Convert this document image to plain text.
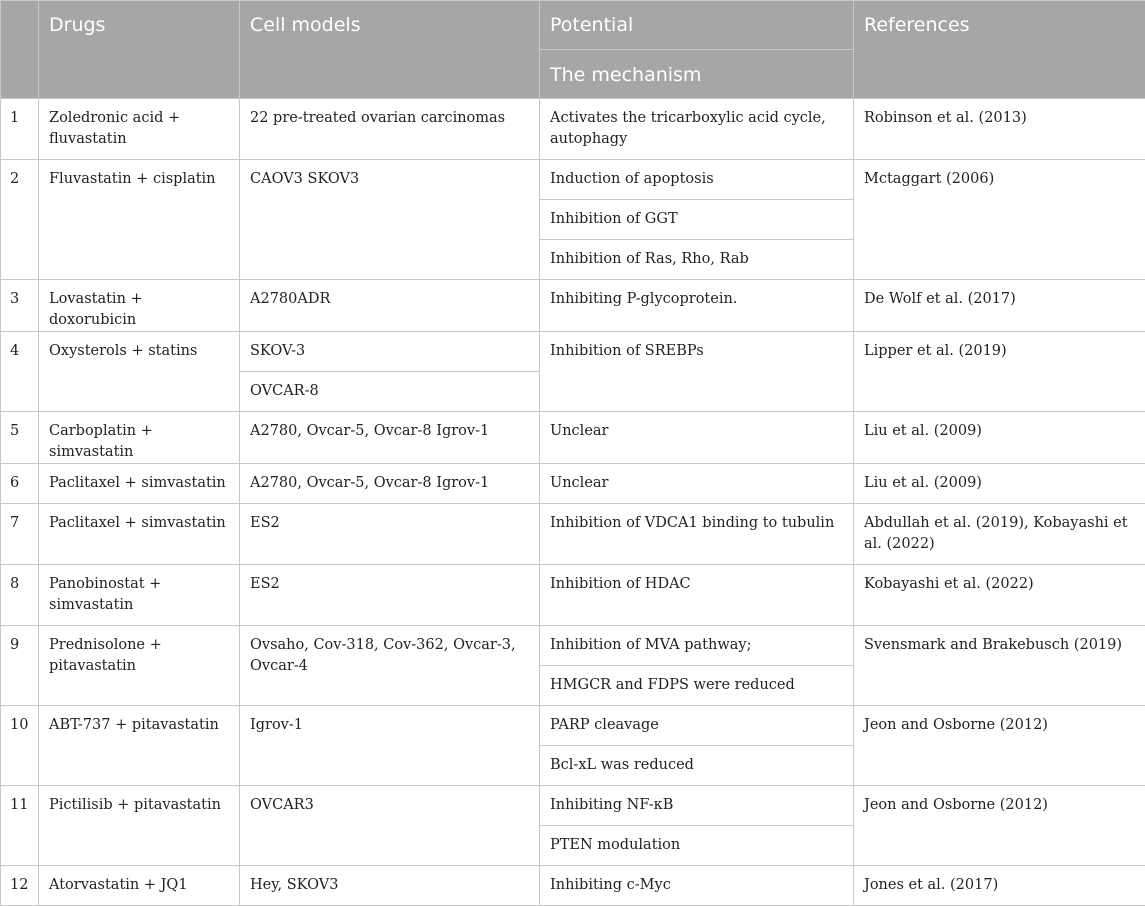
	Drugs	Cell models	Potential	References
			The mechanism	
1	Zoledronic acid + fluvastatin	22 pre-treated ovarian carcinomas	Activates the tricarboxylic acid cycle, autophagy	Robinson et al. (2013)
2	Fluvastatin + cisplatin	CAOV3 SKOV3	Induction of apoptosis	Mctaggart (2006)
			Inhibition of GGT	
			Inhibition of Ras, Rho, Rab	
3	Lovastatin + doxorubicin	A2780ADR	Inhibiting P-glycoprotein.	De Wolf et al. (2017)
4	Oxysterols + statins	SKOV-3	Inhibition of SREBPs	Lipper et al. (2019)
		OVCAR-8		
5	Carboplatin + simvastatin	A2780, Ovcar-5, Ovcar-8 Igrov-1	Unclear	Liu et al. (2009)
6	Paclitaxel + simvastatin	A2780, Ovcar-5, Ovcar-8 Igrov-1	Unclear	Liu et al. (2009)
7	Paclitaxel + simvastatin	ES2	Inhibition of VDCA1 binding to tubulin	Abdullah et al. (2019), Kobayashi et al. (2022)
8	Panobinostat + simvastatin	ES2	Inhibition of HDAC	Kobayashi et al. (2022)
9	Prednisolone + pitavastatin	Ovsaho, Cov-318, Cov-362, Ovcar-3, Ovcar-4	Inhibition of MVA pathway;	Svensmark and Brakebusch (2019)
			HMGCR and FDPS were reduced	
10	ABT-737 + pitavastatin	Igrov-1	PARP cleavage	Jeon and Osborne (2012)
			Bcl-xL was reduced	
11	Pictilisib + pitavastatin	OVCAR3	Inhibiting NF-κB	Jeon and Osborne (2012)
			PTEN modulation	
12	Atorvastatin + JQ1	Hey, SKOV3	Inhibiting c-Myc	Jones et al. (2017)
